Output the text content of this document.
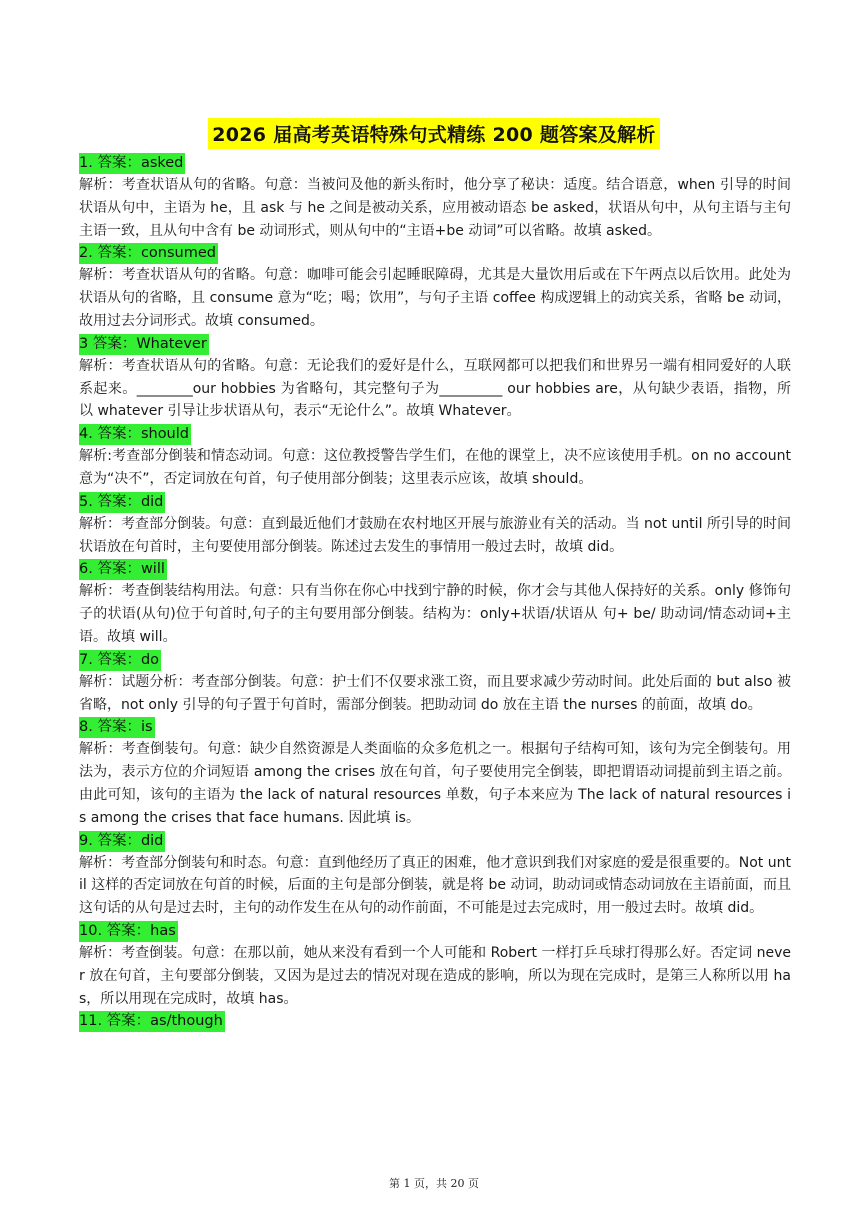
2026 届高考英语特殊句式精练 200 题答案及解析
1. 答案：asked

解析：考查状语从句的省略。句意：当被问及他的新头衔时，他分享了秘诀：适度。结合语意，when 引导的时间状语从句中，主语为 he，且 ask 与 he 之间是被动关系，应用被动语态 be asked，状语从句中，从句主语与主句主语一致，且从句中含有 be 动词形式，则从句中的“主语+be 动词”可以省略。故填 asked。

2. 答案：consumed

解析：考查状语从句的省略。句意：咖啡可能会引起睡眠障碍，尤其是大量饮用后或在下午两点以后饮用。此处为状语从句的省略，且 consume 意为“吃；喝；饮用”，与句子主语 coffee 构成逻辑上的动宾关系，省略 be 动词，故用过去分词形式。故填 consumed。

3 答案：Whatever

解析：考查状语从句的省略。句意：无论我们的爱好是什么，互联网都可以把我们和世界另一端有相同爱好的人联系起来。________our hobbies 为省略句，其完整句子为_________ our hobbies are，从句缺少表语，指物，所以 whatever 引导让步状语从句，表示“无论什么”。故填 Whatever。

4. 答案：should

解析:考查部分倒装和情态动词。句意：这位教授警告学生们，在他的课堂上，决不应该使用手机。on no account 意为“决不”，否定词放在句首，句子使用部分倒装；这里表示应该，故填 should。

5. 答案：did

解析：考查部分倒装。句意：直到最近他们才鼓励在农村地区开展与旅游业有关的活动。当 not until 所引导的时间状语放在句首时，主句要使用部分倒装。陈述过去发生的事情用一般过去时，故填 did。

6. 答案：will

解析：考查倒装结构用法。句意：只有当你在你心中找到宁静的时候，你才会与其他人保持好的关系。only 修饰句子的状语(从句)位于句首时,句子的主句要用部分倒装。结构为：only+状语/状语从 句+ be/ 助动词/情态动词+主语。故填 will。

7. 答案：do

解析：试题分析：考查部分倒装。句意：护士们不仅要求涨工资，而且要求减少劳动时间。此处后面的 but also 被省略，not only 引导的句子置于句首时，需部分倒装。把助动词 do 放在主语 the nurses 的前面，故填 do。

8. 答案：is

解析：考查倒装句。句意：缺少自然资源是人类面临的众多危机之一。根据句子结构可知，该句为完全倒装句。用法为，表示方位的介词短语 among the crises 放在句首，句子要使用完全倒装，即把谓语动词提前到主语之前。由此可知，该句的主语为 the lack of natural resources 单数，句子本来应为 The lack of natural resources is among the crises that face humans. 因此填 is。

9. 答案：did

解析：考查部分倒装句和时态。句意：直到他经历了真正的困难，他才意识到我们对家庭的爱是很重要的。Not until 这样的否定词放在句首的时候，后面的主句是部分倒装，就是将 be 动词，助动词或情态动词放在主语前面，而且这句话的从句是过去时，主句的动作发生在从句的动作前面，不可能是过去完成时，用一般过去时。故填 did。

10. 答案：has

解析：考查倒装。句意：在那以前，她从来没有看到一个人可能和 Robert 一样打乒乓球打得那么好。否定词 never 放在句首，主句要部分倒装，又因为是过去的情况对现在造成的影响，所以为现在完成时，是第三人称所以用 has，所以用现在完成时，故填 has。

11. 答案：as/though
第 1 页，共 20 页
